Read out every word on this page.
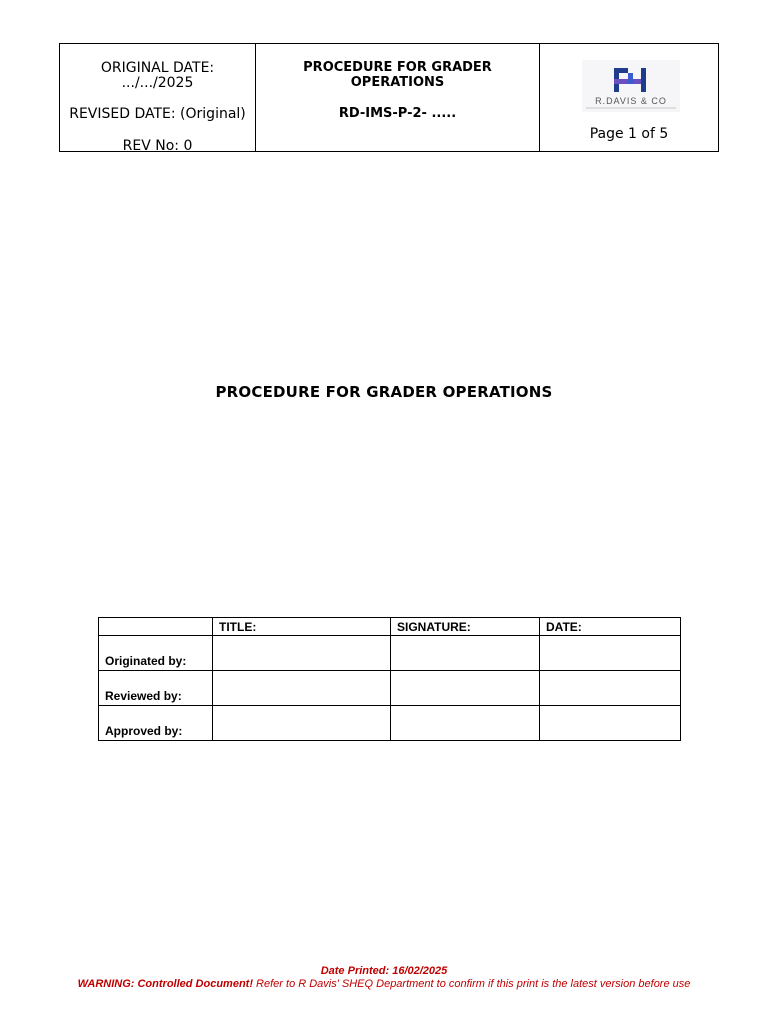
ORIGINAL DATE:
.../.../2025
REVISED DATE: (Original)
REV No: 0
PROCEDURE FOR GRADER
OPERATIONS
RD-IMS-P-2- .....
R.DAVIS & CO
Page 1 of 5
PROCEDURE FOR GRADER OPERATIONS
	TITLE:	SIGNATURE:	DATE:
Originated by:			
Reviewed by:			
Approved by:			
Date Printed: 16/02/2025
WARNING: Controlled Document! Refer to R Davis' SHEQ Department to confirm if this print is the latest version before use
